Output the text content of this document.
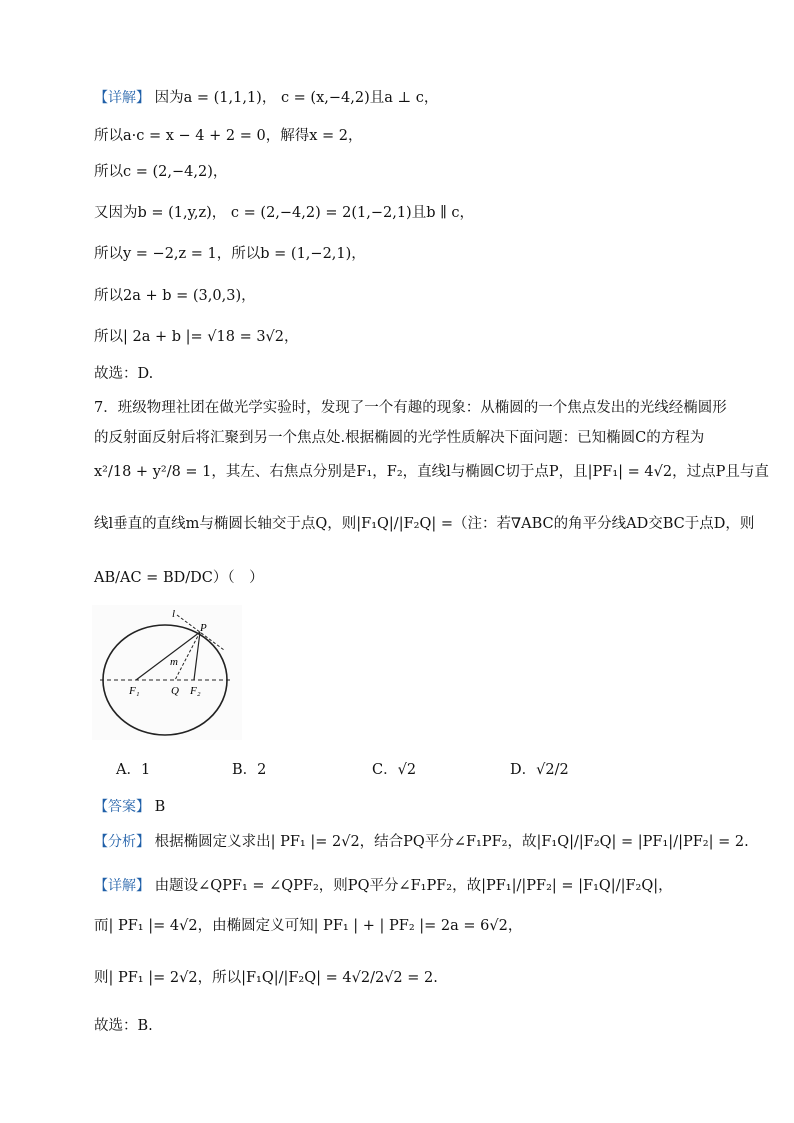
【详解】 因为a = (1,1,1)， c = (x,−4,2)且a ⊥ c，
所以a·c = x − 4 + 2 = 0，解得x = 2，
所以c = (2,−4,2)，
又因为b = (1,y,z)， c = (2,−4,2) = 2(1,−2,1)且b ∥ c，
所以y = −2,z = 1，所以b = (1,−2,1)，
所以2a + b = (3,0,3)，
所以| 2a + b |= √18 = 3√2，
故选：D.
7．班级物理社团在做光学实验时，发现了一个有趣的现象：从椭圆的一个焦点发出的光线经椭圆形
的反射面反射后将汇聚到另一个焦点处.根据椭圆的光学性质解决下面问题：已知椭圆C的方程为
x²/18 + y²/8 = 1，其左、右焦点分别是F₁，F₂，直线l与椭圆C切于点P，且|PF₁| = 4√2，过点P且与直
线l垂直的直线m与椭圆长轴交于点Q，则|F₁Q|/|F₂Q| =（注：若∇ABC的角平分线AD交BC于点D，则
AB/AC = BD/DC）（　）
l
P
m
F₁	Q F₂
A．1	B．2	C．√2	D．√2/2
【答案】 B
【分析】 根据椭圆定义求出| PF₁ |= 2√2，结合PQ平分∠F₁PF₂，故|F₁Q|/|F₂Q| = |PF₁|/|PF₂| = 2.
【详解】 由题设∠QPF₁ = ∠QPF₂，则PQ平分∠F₁PF₂，故|PF₁|/|PF₂| = |F₁Q|/|F₂Q|，
而| PF₁ |= 4√2，由椭圆定义可知| PF₁ | + | PF₂ |= 2a = 6√2，
则| PF₁ |= 2√2，所以|F₁Q|/|F₂Q| = 4√2/2√2 = 2.
故选：B.
